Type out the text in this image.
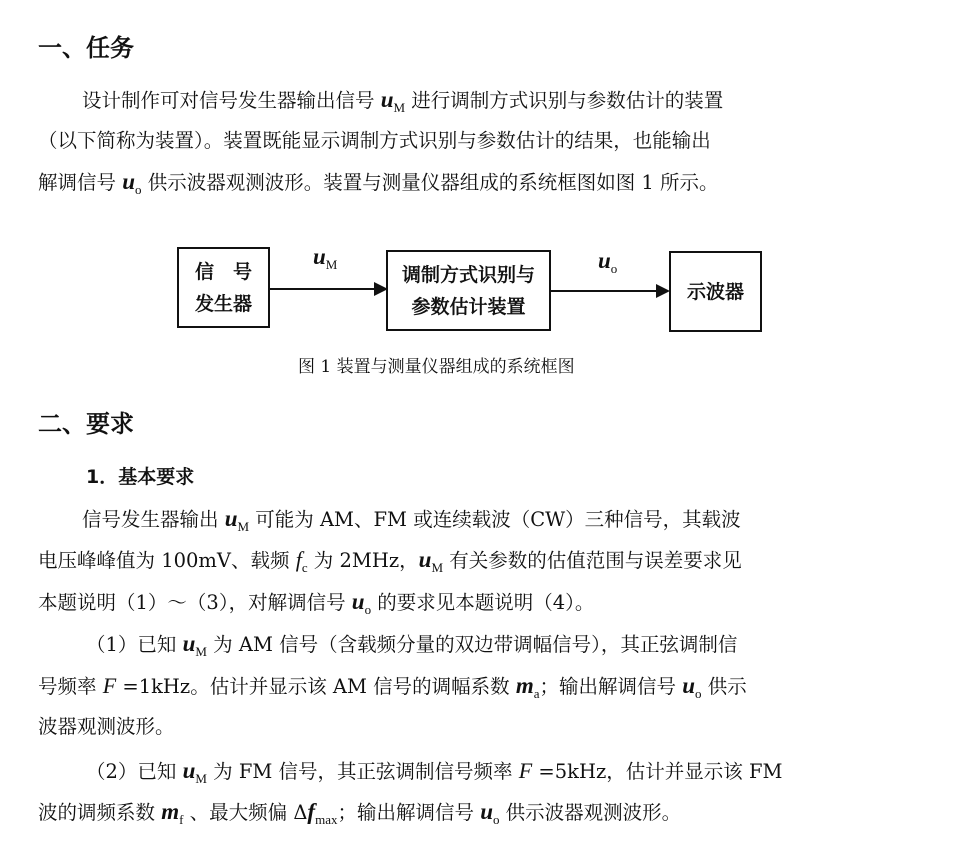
一、任务
设计制作可对信号发生器输出信号 $u_M$ 进行调制方式识别与参数估计的装置
（以下简称为装置）。装置既能显示调制方式识别与参数估计的结果，也能输出
解调信号 $u_o$ 供示波器观测波形。装置与测量仪器组成的系统框图如图 1 所示。
信　号
发生器
$u_M$	调制方式识别与
参数估计装置
$u_o$
示波器
图 1 装置与测量仪器组成的系统框图
二、要求
1．基本要求
信号发生器输出 $u_M$ 可能为 AM、FM 或连续载波（CW）三种信号，其载波
电压峰峰值为 100mV、载频 $f_c$ 为 2MHz，$u_M$ 有关参数的估值范围与误差要求见
本题说明（1）～（3），对解调信号 $u_o$ 的要求见本题说明（4）。
（1）已知 $u_M$ 为 AM 信号（含载频分量的双边带调幅信号），其正弦调制信
号频率 F =1kHz。估计并显示该 AM 信号的调幅系数 $m_a$；输出解调信号 $u_o$ 供示
波器观测波形。
（2）已知 $u_M$ 为 FM 信号，其正弦调制信号频率 F =5kHz，估计并显示该 FM
波的调频系数 $m_f$ 、最大频偏 $\Delta f_{max}$；输出解调信号 $u_o$ 供示波器观测波形。
